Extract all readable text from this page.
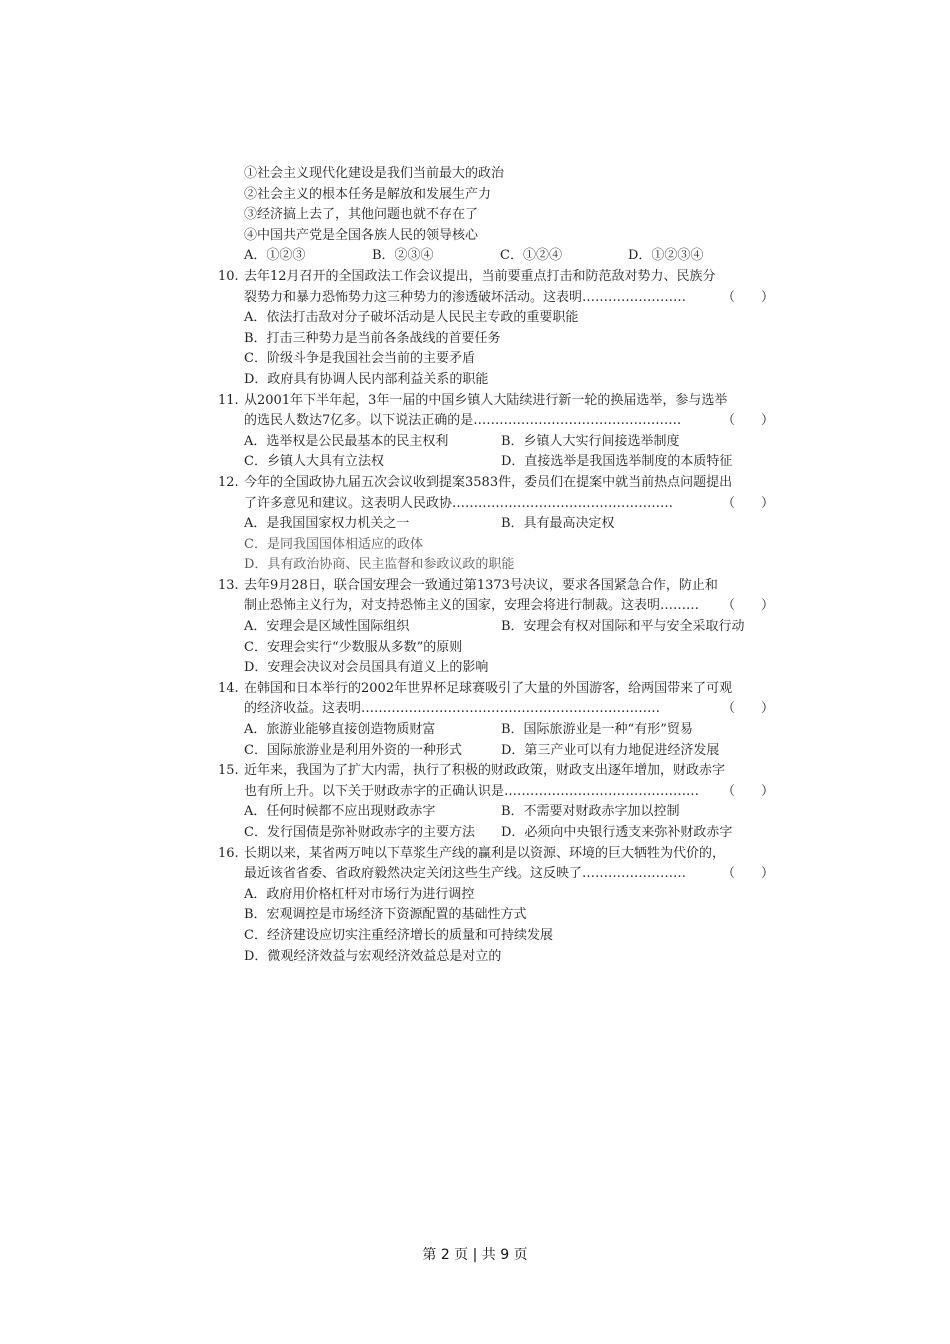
①社会主义现代化建设是我们当前最大的政治
②社会主义的根本任务是解放和发展生产力
③经济搞上去了，其他问题也就不存在了
④中国共产党是全国各族人民的领导核心
A．①②③	B．②③④	C．①②④	D．①②③④
10. 去年12月召开的全国政法工作会议提出，当前要重点打击和防范敌对势力、民族分
裂势力和暴力恐怖势力这三种势力的渗透破坏活动。这表明……………………	（　　）
A．依法打击敌对分子破坏活动是人民民主专政的重要职能
B．打击三种势力是当前各条战线的首要任务
C．阶级斗争是我国社会当前的主要矛盾
D．政府具有协调人民内部利益关系的职能
11. 从2001年下半年起，3年一届的中国乡镇人大陆续进行新一轮的换届选举，参与选举
的选民人数达7亿多。以下说法正确的是…………………………………………	（　　）
A．选举权是公民最基本的民主权利	B．乡镇人大实行间接选举制度
C．乡镇人大具有立法权	D．直接选举是我国选举制度的本质特征
12. 今年的全国政协九届五次会议收到提案3583件，委员们在提案中就当前热点问题提出
了许多意见和建议。这表明人民政协……………………………………………	（　　）
A．是我国国家权力机关之一	B．具有最高决定权
C．是同我国国体相适应的政体
D．具有政治协商、民主监督和参政议政的职能
13. 去年9月28日，联合国安理会一致通过第1373号决议，要求各国紧急合作，防止和
制止恐怖主义行为，对支持恐怖主义的国家，安理会将进行制裁。这表明……… （　　）
A．安理会是区域性国际组织	B．安理会有权对国际和平与安全采取行动
C．安理会实行“少数服从多数”的原则
D．安理会决议对会员国具有道义上的影响
14. 在韩国和日本举行的2002年世界杯足球赛吸引了大量的外国游客，给两国带来了可观
的经济收益。这表明……………………………………………………………	（　　）
A．旅游业能够直接创造物质财富	B．国际旅游业是一种“有形”贸易
C．国际旅游业是利用外资的一种形式	D．第三产业可以有力地促进经济发展
15. 近年来，我国为了扩大内需，执行了积极的财政政策，财政支出逐年增加，财政赤字
也有所上升。以下关于财政赤字的正确认识是……………………………………… （　　）
A．任何时候都不应出现财政赤字	B．不需要对财政赤字加以控制
C．发行国债是弥补财政赤字的主要方法	D．必须向中央银行透支来弥补财政赤字
16. 长期以来，某省两万吨以下草浆生产线的赢利是以资源、环境的巨大牺牲为代价的，
最近该省省委、省政府毅然决定关闭这些生产线。这反映了……………………	（　　）
A．政府用价格杠杆对市场行为进行调控
B．宏观调控是市场经济下资源配置的基础性方式
C．经济建设应切实注重经济增长的质量和可持续发展
D．微观经济效益与宏观经济效益总是对立的
第 2 页 | 共 9 页
